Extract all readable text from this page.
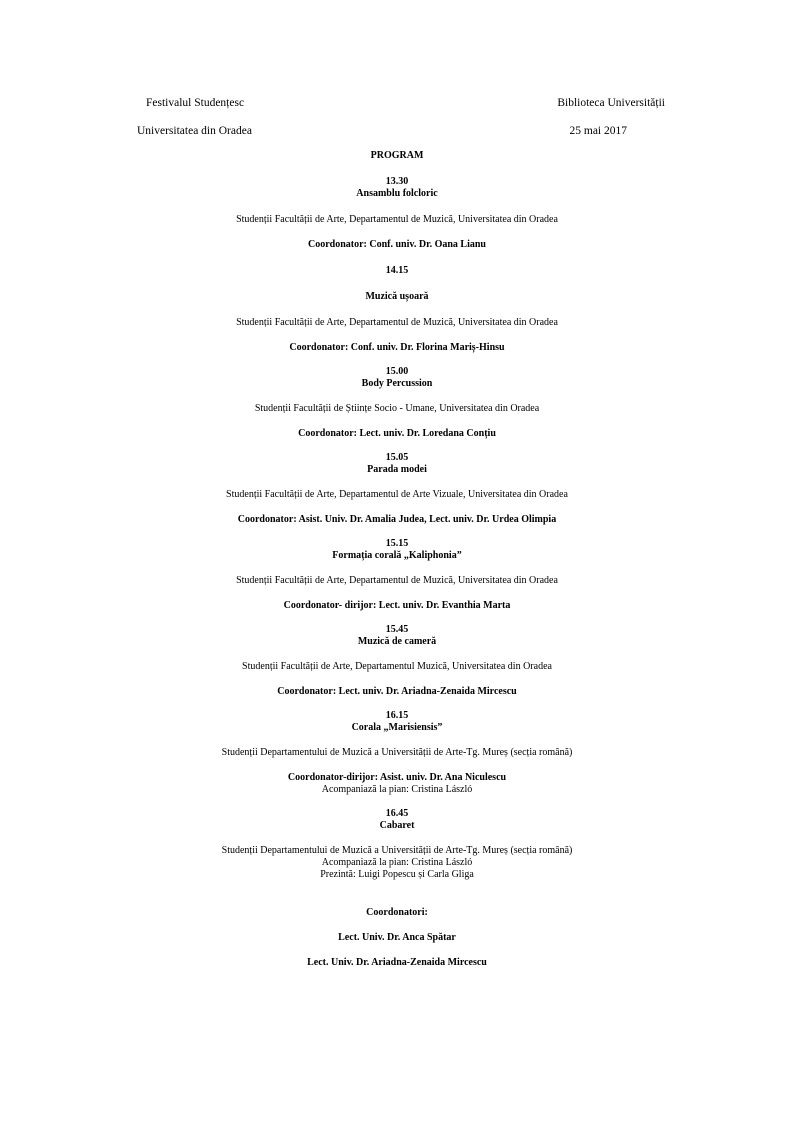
Festivalul Studențesc
Universitatea din Oradea
Biblioteca Universității
25 mai 2017
PROGRAM
13.30
Ansamblu folcloric
Studenții Facultății de Arte, Departamentul de Muzică, Universitatea din Oradea
Coordonator: Conf. univ. Dr. Oana Lianu
14.15
Muzică ușoară
Studenții Facultății de Arte, Departamentul de Muzică, Universitatea din Oradea
Coordonator: Conf. univ. Dr. Florina Mariș-Hinsu
15.00
Body Percussion
Studenții Facultății de Științe Socio - Umane, Universitatea din Oradea
Coordonator: Lect. univ. Dr. Loredana Conțiu
15.05
Parada modei
Studenții Facultății de Arte, Departamentul de Arte Vizuale, Universitatea din Oradea
Coordonator: Asist. Univ. Dr. Amalia Judea, Lect. univ. Dr. Urdea Olimpia
15.15
Formația corală „Kaliphonia”
Studenții Facultății de Arte, Departamentul de Muzică, Universitatea din Oradea
Coordonator- dirijor: Lect. univ. Dr. Evanthia Marta
15.45
Muzică de cameră
Studenții Facultății de Arte, Departamentul Muzică, Universitatea din Oradea
Coordonator: Lect. univ. Dr. Ariadna-Zenaida Mircescu
16.15
Corala „Marisiensis”
Studenții Departamentului de Muzică a Universității de Arte-Tg. Mureș (secția română)
Coordonator-dirijor: Asist. univ. Dr. Ana Niculescu
Acompaniază la pian: Cristina László
16.45
Cabaret
Studenții Departamentului de Muzică a Universității de Arte-Tg. Mureș (secția română)
Acompaniază la pian: Cristina László
Prezintă: Luigi Popescu și Carla Gliga
Coordonatori:
Lect. Univ. Dr. Anca Spătar
Lect. Univ. Dr. Ariadna-Zenaida Mircescu
